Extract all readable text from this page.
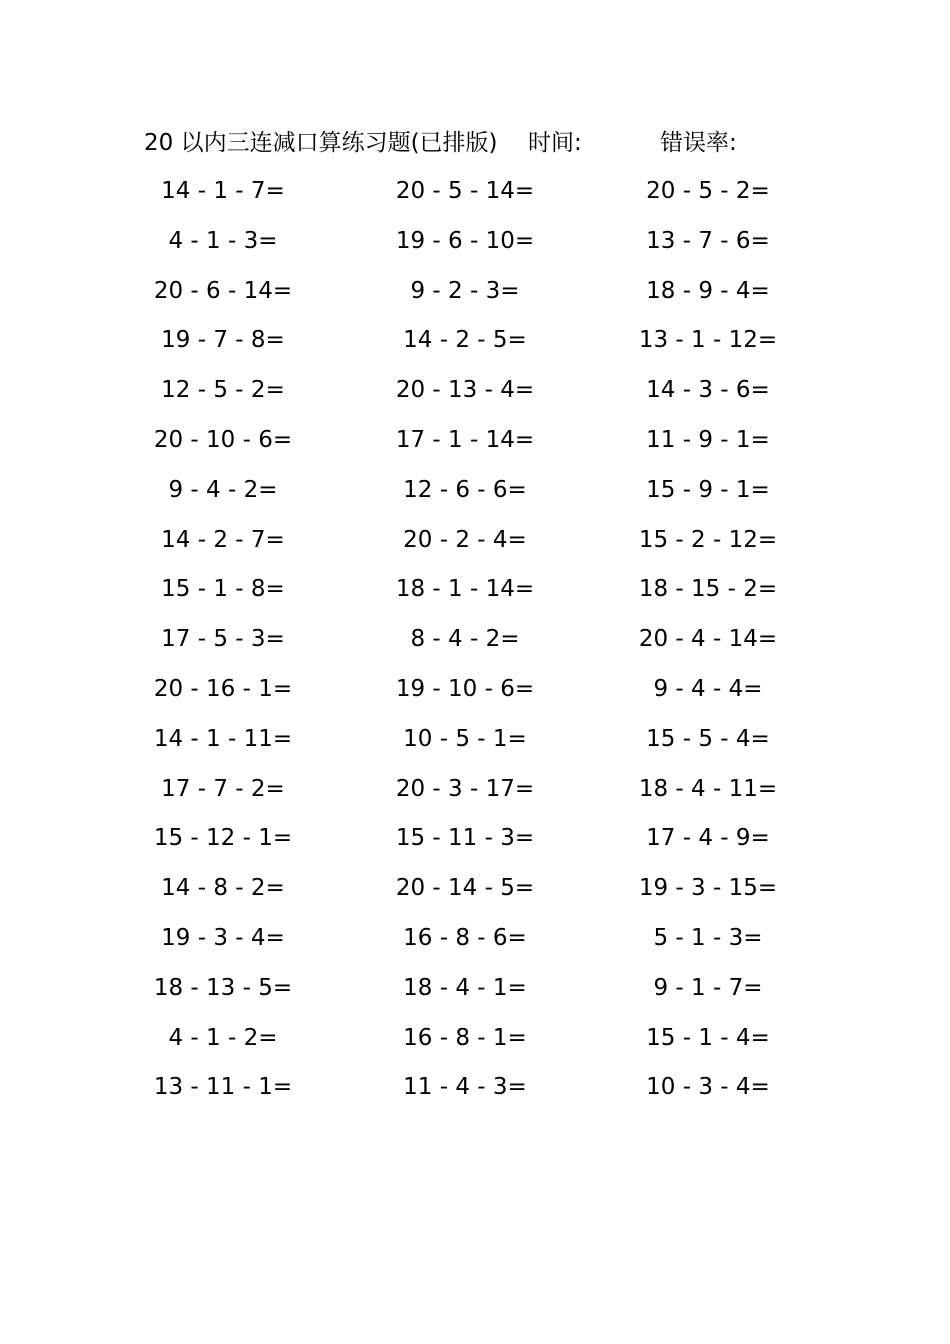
20 以内三连减口算练习题(已排版) 时间:	错误率:
14 - 1 - 7=	20 - 5 - 14=	20 - 5 - 2=
4 - 1 - 3=	19 - 6 - 10=	13 - 7 - 6=
20 - 6 - 14=	9 - 2 - 3=	18 - 9 - 4=
19 - 7 - 8=	14 - 2 - 5=	13 - 1 - 12=
12 - 5 - 2=	20 - 13 - 4=	14 - 3 - 6=
20 - 10 - 6=	17 - 1 - 14=	11 - 9 - 1=
9 - 4 - 2=	12 - 6 - 6=	15 - 9 - 1=
14 - 2 - 7=	20 - 2 - 4=	15 - 2 - 12=
15 - 1 - 8=	18 - 1 - 14=	18 - 15 - 2=
17 - 5 - 3=	8 - 4 - 2=	20 - 4 - 14=
20 - 16 - 1=	19 - 10 - 6=	9 - 4 - 4=
14 - 1 - 11=	10 - 5 - 1=	15 - 5 - 4=
17 - 7 - 2=	20 - 3 - 17=	18 - 4 - 11=
15 - 12 - 1=	15 - 11 - 3=	17 - 4 - 9=
14 - 8 - 2=	20 - 14 - 5=	19 - 3 - 15=
19 - 3 - 4=	16 - 8 - 6=	5 - 1 - 3=
18 - 13 - 5=	18 - 4 - 1=	9 - 1 - 7=
4 - 1 - 2=	16 - 8 - 1=	15 - 1 - 4=
13 - 11 - 1=	11 - 4 - 3=	10 - 3 - 4=
